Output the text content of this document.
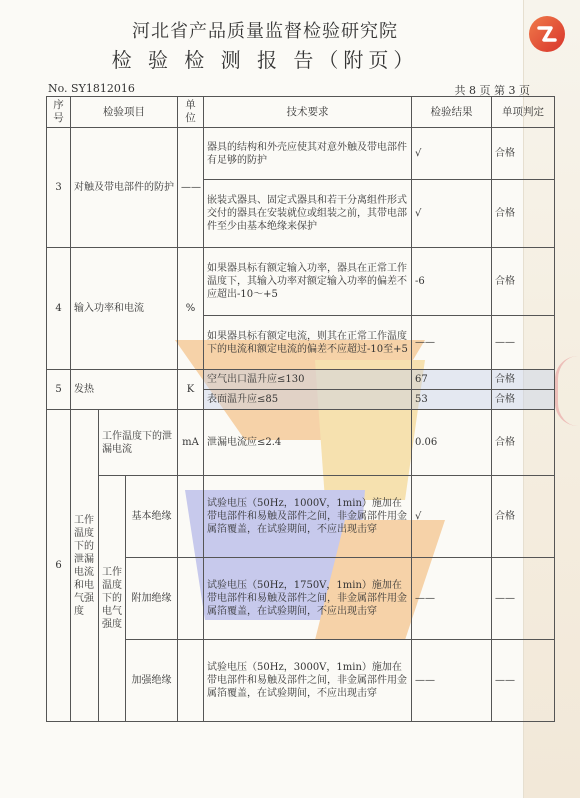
河北省产品质量监督检验研究院
检 验 检 测 报 告（附页）
No. SY1812016	共 8 页 第 3 页
序号	检验项目			单位	技术要求	检验结果	单项判定
3	对触及带电部件的防护			——	器具的结构和外壳应使其对意外触及带电部件有足够的防护	√	合格
					嵌装式器具、固定式器具和若干分离组件形式交付的器具在安装就位或组装之前，其带电部件至少由基本绝缘来保护	√	合格
4	输入功率和电流			%	如果器具标有额定输入功率，器具在正常工作温度下，其输入功率对额定输入功率的偏差不应超出-10～+5	-6	合格
					如果器具标有额定电流，则其在正常工作温度下的电流和额定电流的偏差不应超过-10至+5	——	——
5	发热			K	空气出口温升应≤130	67	合格
					表面温升应≤85	53	合格
6	工作温度下的泄漏电流和电气强度	工作温度下的泄漏电流		mA	泄漏电流应≤2.4	0.06	合格
		工作温度下的电气强度	基本绝缘		试验电压（50Hz，1000V，1min）施加在带电部件和易触及部件之间，非金属部件用金属箔覆盖，在试验期间，不应出现击穿	√	合格
			附加绝缘		试验电压（50Hz，1750V，1min）施加在带电部件和易触及部件之间，非金属部件用金属箔覆盖，在试验期间，不应出现击穿	——	——
			加强绝缘		试验电压（50Hz，3000V，1min）施加在带电部件和易触及部件之间，非金属部件用金属箔覆盖，在试验期间，不应出现击穿	——	——
